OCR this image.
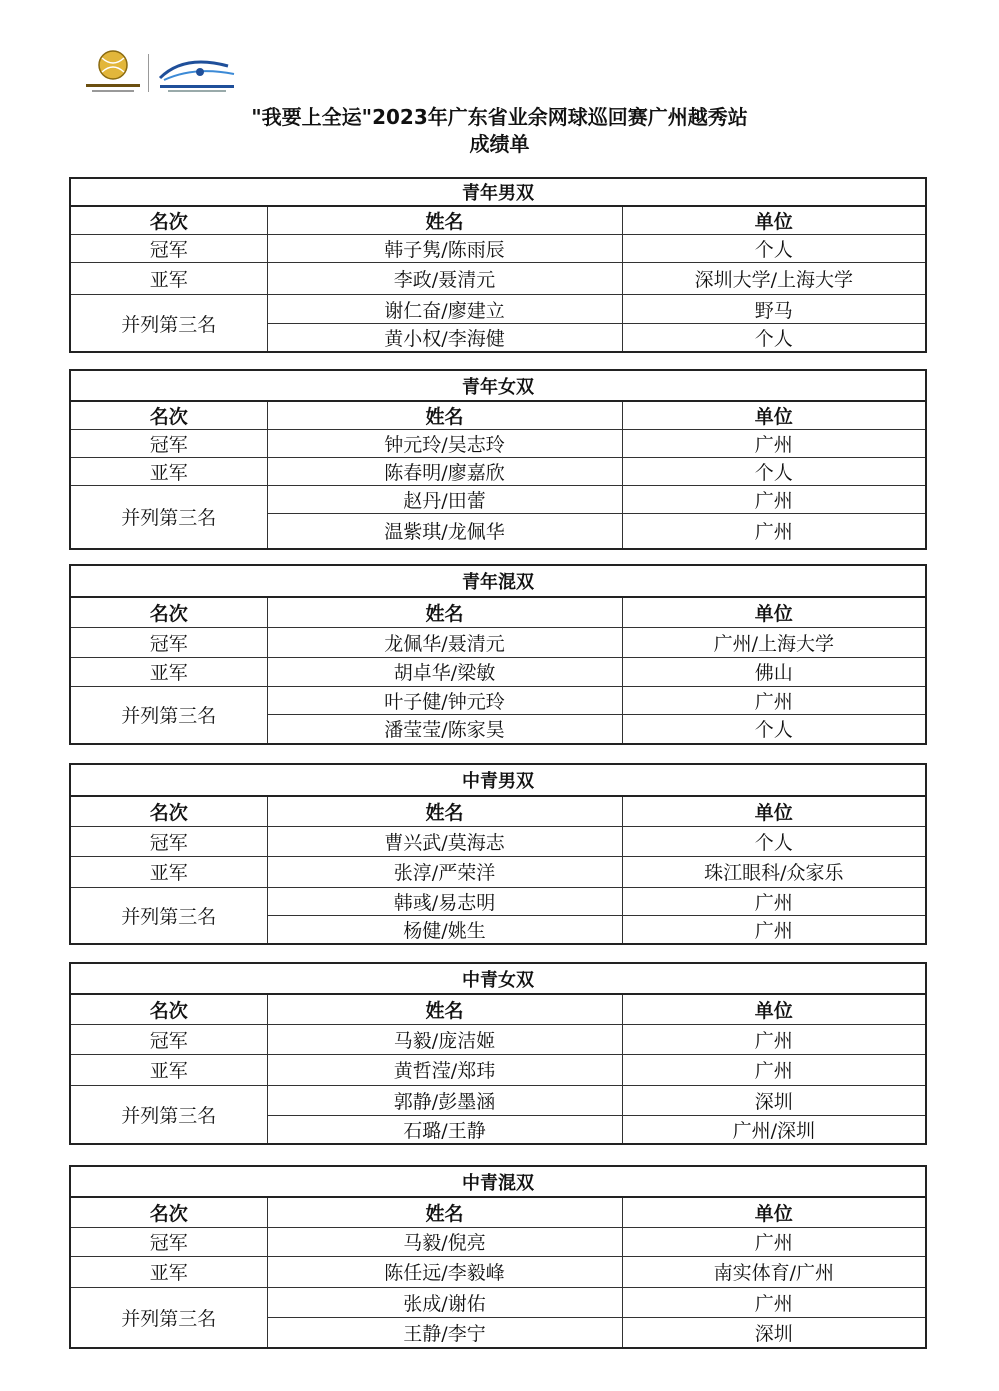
"我要上全运"2023年广东省业余网球巡回赛广州越秀站
成绩单
青年男双		
名次	姓名	单位
冠军	韩子隽/陈雨辰	个人
亚军	李政/聂清元	深圳大学/上海大学
并列第三名	谢仁奋/廖建立	野马
	黄小权/李海健	个人
青年女双		
名次	姓名	单位
冠军	钟元玲/吴志玲	广州
亚军	陈春明/廖嘉欣	个人
并列第三名	赵丹/田蕾	广州
	温紫琪/龙佩华	广州
青年混双		
名次	姓名	单位
冠军	龙佩华/聂清元	广州/上海大学
亚军	胡卓华/梁敏	佛山
并列第三名	叶子健/钟元玲	广州
	潘莹莹/陈家昊	个人
中青男双		
名次	姓名	单位
冠军	曹兴武/莫海志	个人
亚军	张淳/严荣洋	珠江眼科/众家乐
并列第三名	韩彧/易志明	广州
	杨健/姚生	广州
中青女双		
名次	姓名	单位
冠军	马毅/庞洁姬	广州
亚军	黄哲滢/郑玮	广州
并列第三名	郭静/彭墨涵	深圳
	石璐/王静	广州/深圳
中青混双		
名次	姓名	单位
冠军	马毅/倪亮	广州
亚军	陈任远/李毅峰	南实体育/广州
并列第三名	张成/谢佑	广州
	王静/李宁	深圳
